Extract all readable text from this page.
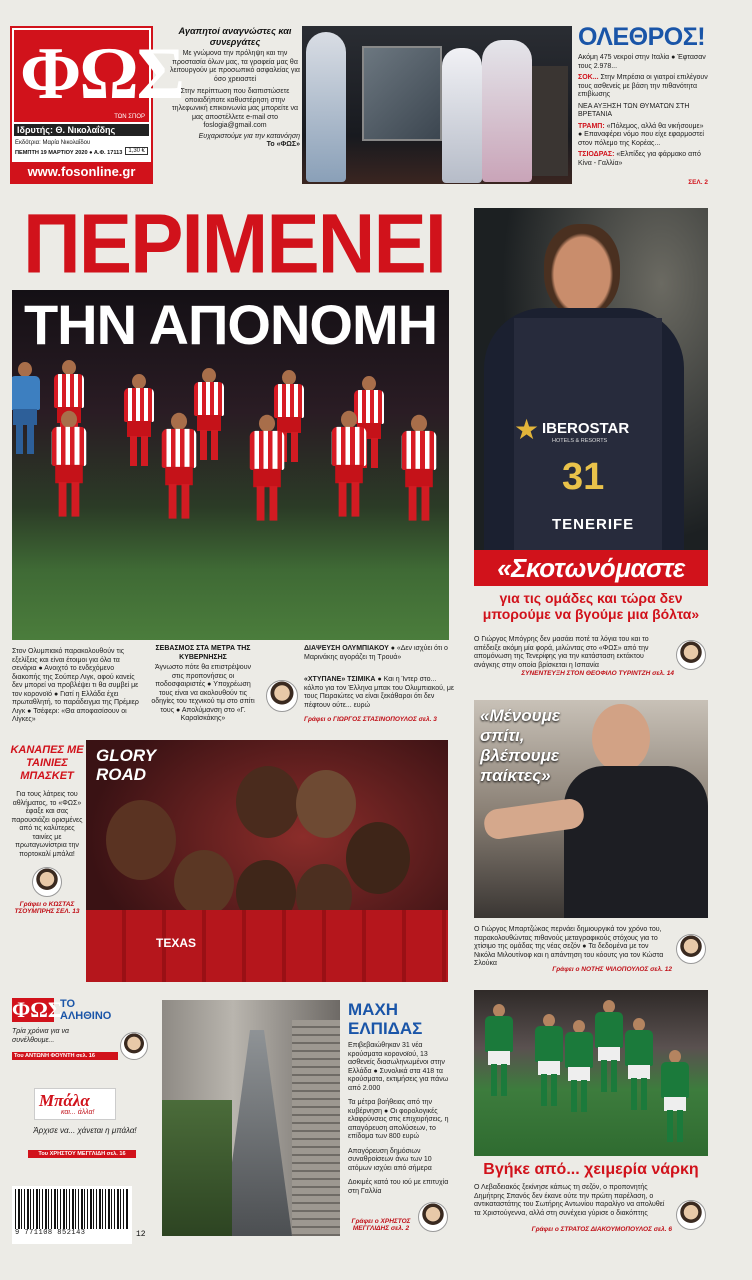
ΦΩΣ
ΤΩΝ ΣΠΟΡ
Ιδρυτής: Θ. Νικολαΐδης
Εκδότρια: Μαρία Νικολαΐδου
ΠΕΜΠΤΗ 19 ΜΑΡΤΙΟΥ 2020 ● Α.Φ. 17113 1,30 €
www.fosonline.gr
Αγαπητοί αναγνώστες και συνεργάτες
Με γνώμονα την πρόληψη και την προστασία όλων μας, τα γραφεία μας θα λειτουργούν με προσωπικό ασφαλείας για όσο χρειαστεί
Στην περίπτωση που διαπιστώσετε οποιαδήποτε καθυστέρηση στην τηλεφωνική επικοινωνία μας μπορείτε να μας αποστέλλετε e-mail στο foslogia@gmail.com
Ευχαριστούμε για την κατανόηση
Το «ΦΩΣ»
ΟΛΕΘΡΟΣ!
Ακόμη 475 νεκροί στην Ιταλία ● Έφτασαν τους 2.978...
ΣΟΚ... Στην Μπρέσια οι γιατροί επιλέγουν τους ασθενείς με βάση την πιθανότητα επιβίωσης
ΝΕΑ ΑΥΞΗΣΗ ΤΩΝ ΘΥΜΑΤΩΝ ΣΤΗ ΒΡΕΤΑΝΙΑ
ΤΡΑΜΠ: «Πόλεμος, αλλά θα νικήσουμε» ● Επαναφέρει νόμο που είχε εφαρμοστεί στον πόλεμο της Κορέας...
ΤΣΙΟΔΡΑΣ: «Ελπίδες για φάρμακο από Κίνα - Γαλλία»
ΣΕΛ. 2
ΠΕΡΙΜΕΝΕΙ
ΤΗΝ ΑΠΟΝΟΜΗ
Στον Ολυμπιακό παρακολουθούν τις εξελίξεις και είναι έτοιμοι για όλα τα σενάρια ● Ανοιχτό το ενδεχόμενο διακοπής της Σούπερ Λιγκ, αφού κανείς δεν μπορεί να προβλέψει τι θα συμβεί με τον κορονοϊό ● Γιατί η Ελλάδα έχει πρωταθλητή, το παράδειγμα της Πρέμιερ Λιγκ ● Τσέφερι: «Θα αποφασίσουν οι Λίγκες»
ΣΕΒΑΣΜΟΣ ΣΤΑ ΜΕΤΡΑ ΤΗΣ ΚΥΒΕΡΝΗΣΗΣ
Άγνωστο πότε θα επιστρέψουν στις προπονήσεις οι ποδοσφαιριστές ● Υποχρέωση τους είναι να ακολουθούν τις οδηγίες του τεχνικού τιμ στο σπίτι τους ● Απολύμανση στο «Γ. Καραϊσκάκης»
ΔΙΑΨΕΥΣΗ ΟΛΥΜΠΙΑΚΟΥ ● «Δεν ισχύει ότι ο Μαρινάκης αγοράζει τη Τρουά»
«ΧΤΥΠΑΝΕ» ΤΣΙΜΙΚΑ ● Και η Ίντερ στο... κόλπο για τον Έλληνα μπακ του Ολυμπιακού, με τους Πειραιώτες να είναι ξεκάθαροι ότι δεν πέφτουν ούτε... ευρώ
Γράφει ο ΓΙΩΡΓΟΣ ΣΤΑΣΙΝΟΠΟΥΛΟΣ σελ. 3
IBEROSTAR
HOTELS & RESORTS
★
31
TENERIFE
«Σκοτωνόμαστε
για τις ομάδες και τώρα δεν μπορούμε να βγούμε μια βόλτα»
Ο Γιώργος Μπόγρης δεν μασάει ποτέ τα λόγια του και το απέδειξε ακόμη μία φορά, μιλώντας στο «ΦΩΣ» από την απομόνωση της Τενερίφης για την κατάσταση εκτάκτου ανάγκης στην οποία βρίσκεται η Ισπανία
ΣΥΝΕΝΤΕΥΞΗ ΣΤΟΝ ΘΕΟΦΙΛΟ ΤΥΡΙΝΤΖΗ σελ. 14
ΚΑΝΑΠΕΣ ΜΕ ΤΑΙΝΙΕΣ ΜΠΑΣΚΕΤ
Για τους λάτρεις του αθλήματος, το «ΦΩΣ» έφαξε και σας παρουσιάζει ορισμένες από τις καλύτερες ταινίες με πρωταγωνίστρια την πορτοκαλί μπάλα!
Γράφει ο ΚΩΣΤΑΣ ΤΣΟΥΜΠΡΗΣ ΣΕΛ. 13
GLORY ROAD
TEXAS
«Μένουμε σπίτι, βλέπουμε παίκτες»
Ο Γιώργος Μπαρτζώκας περνάει δημιουργικά τον χρόνο του, παρακολουθώντας πιθανούς μεταγραφικούς στόχους για το χτίσιμο της ομάδας της νέας σεζόν ● Τα δεδομένα με τον Νικόλα Μιλουτίνοφ και η απάντηση του κόουτς για τον Κώστα Σλούκα
Γράφει ο ΝΟΤΗΣ ΨΙΛΟΠΟΥΛΟΣ σελ. 12
ΦΩΣ
ΤΟ ΑΛΗΘΙΝΟ
Τρία χρόνια για να συνέλθουμε...
Του ΑΝΤΩΝΗ ΦΟΥΝΤΗ σελ. 16
Μπάλα
και... άλλα!
Άρχισε να... χάνεται η μπάλα!
Του ΧΡΗΣΤΟΥ ΜΕΓΓΛΙΔΗ σελ. 16
9 771108 852143	12
ΜΑΧΗ ΕΛΠΙΔΑΣ
Επιβεβαιώθηκαν 31 νέα κρούσματα κορονοϊού, 13 ασθενείς διασωληνωμένοι στην Ελλάδα ● Συνολικά στα 418 τα κρούσματα, εκτιμήσεις για πάνω από 2.000
Τα μέτρα βοήθειας από την κυβέρνηση ● Οι φορολογικές ελαφρύνσεις στις επιχειρήσεις, η απαγόρευση απολύσεων, το επίδομα των 800 ευρώ
Απαγόρευση δημόσιων συναθροίσεων άνω των 10 ατόμων ισχύει από σήμερα
Δοκιμές κατά του ιού με επιτυχία στη Γαλλία
Γράφει ο ΧΡΗΣΤΟΣ ΜΕΓΓΛΙΔΗΣ σελ. 2
Βγήκε από... χειμερία νάρκη
Ο Λεβαδειακός ξεκίνησε κάπως τη σεζόν, ο προπονητής Δημήτρης Σπανός δεν έκανε ούτε την πρώτη παρέλαση, ο αντικαταστάτης του Σωτήρης Αντωνίου παραλίγο να απολυθεί τα Χριστούγεννα, αλλά στη συνέχεια γύρισε ο διακόπτης
Γράφει ο ΣΤΡΑΤΟΣ ΔΙΑΚΟΥΜΟΠΟΥΛΟΣ σελ. 6
